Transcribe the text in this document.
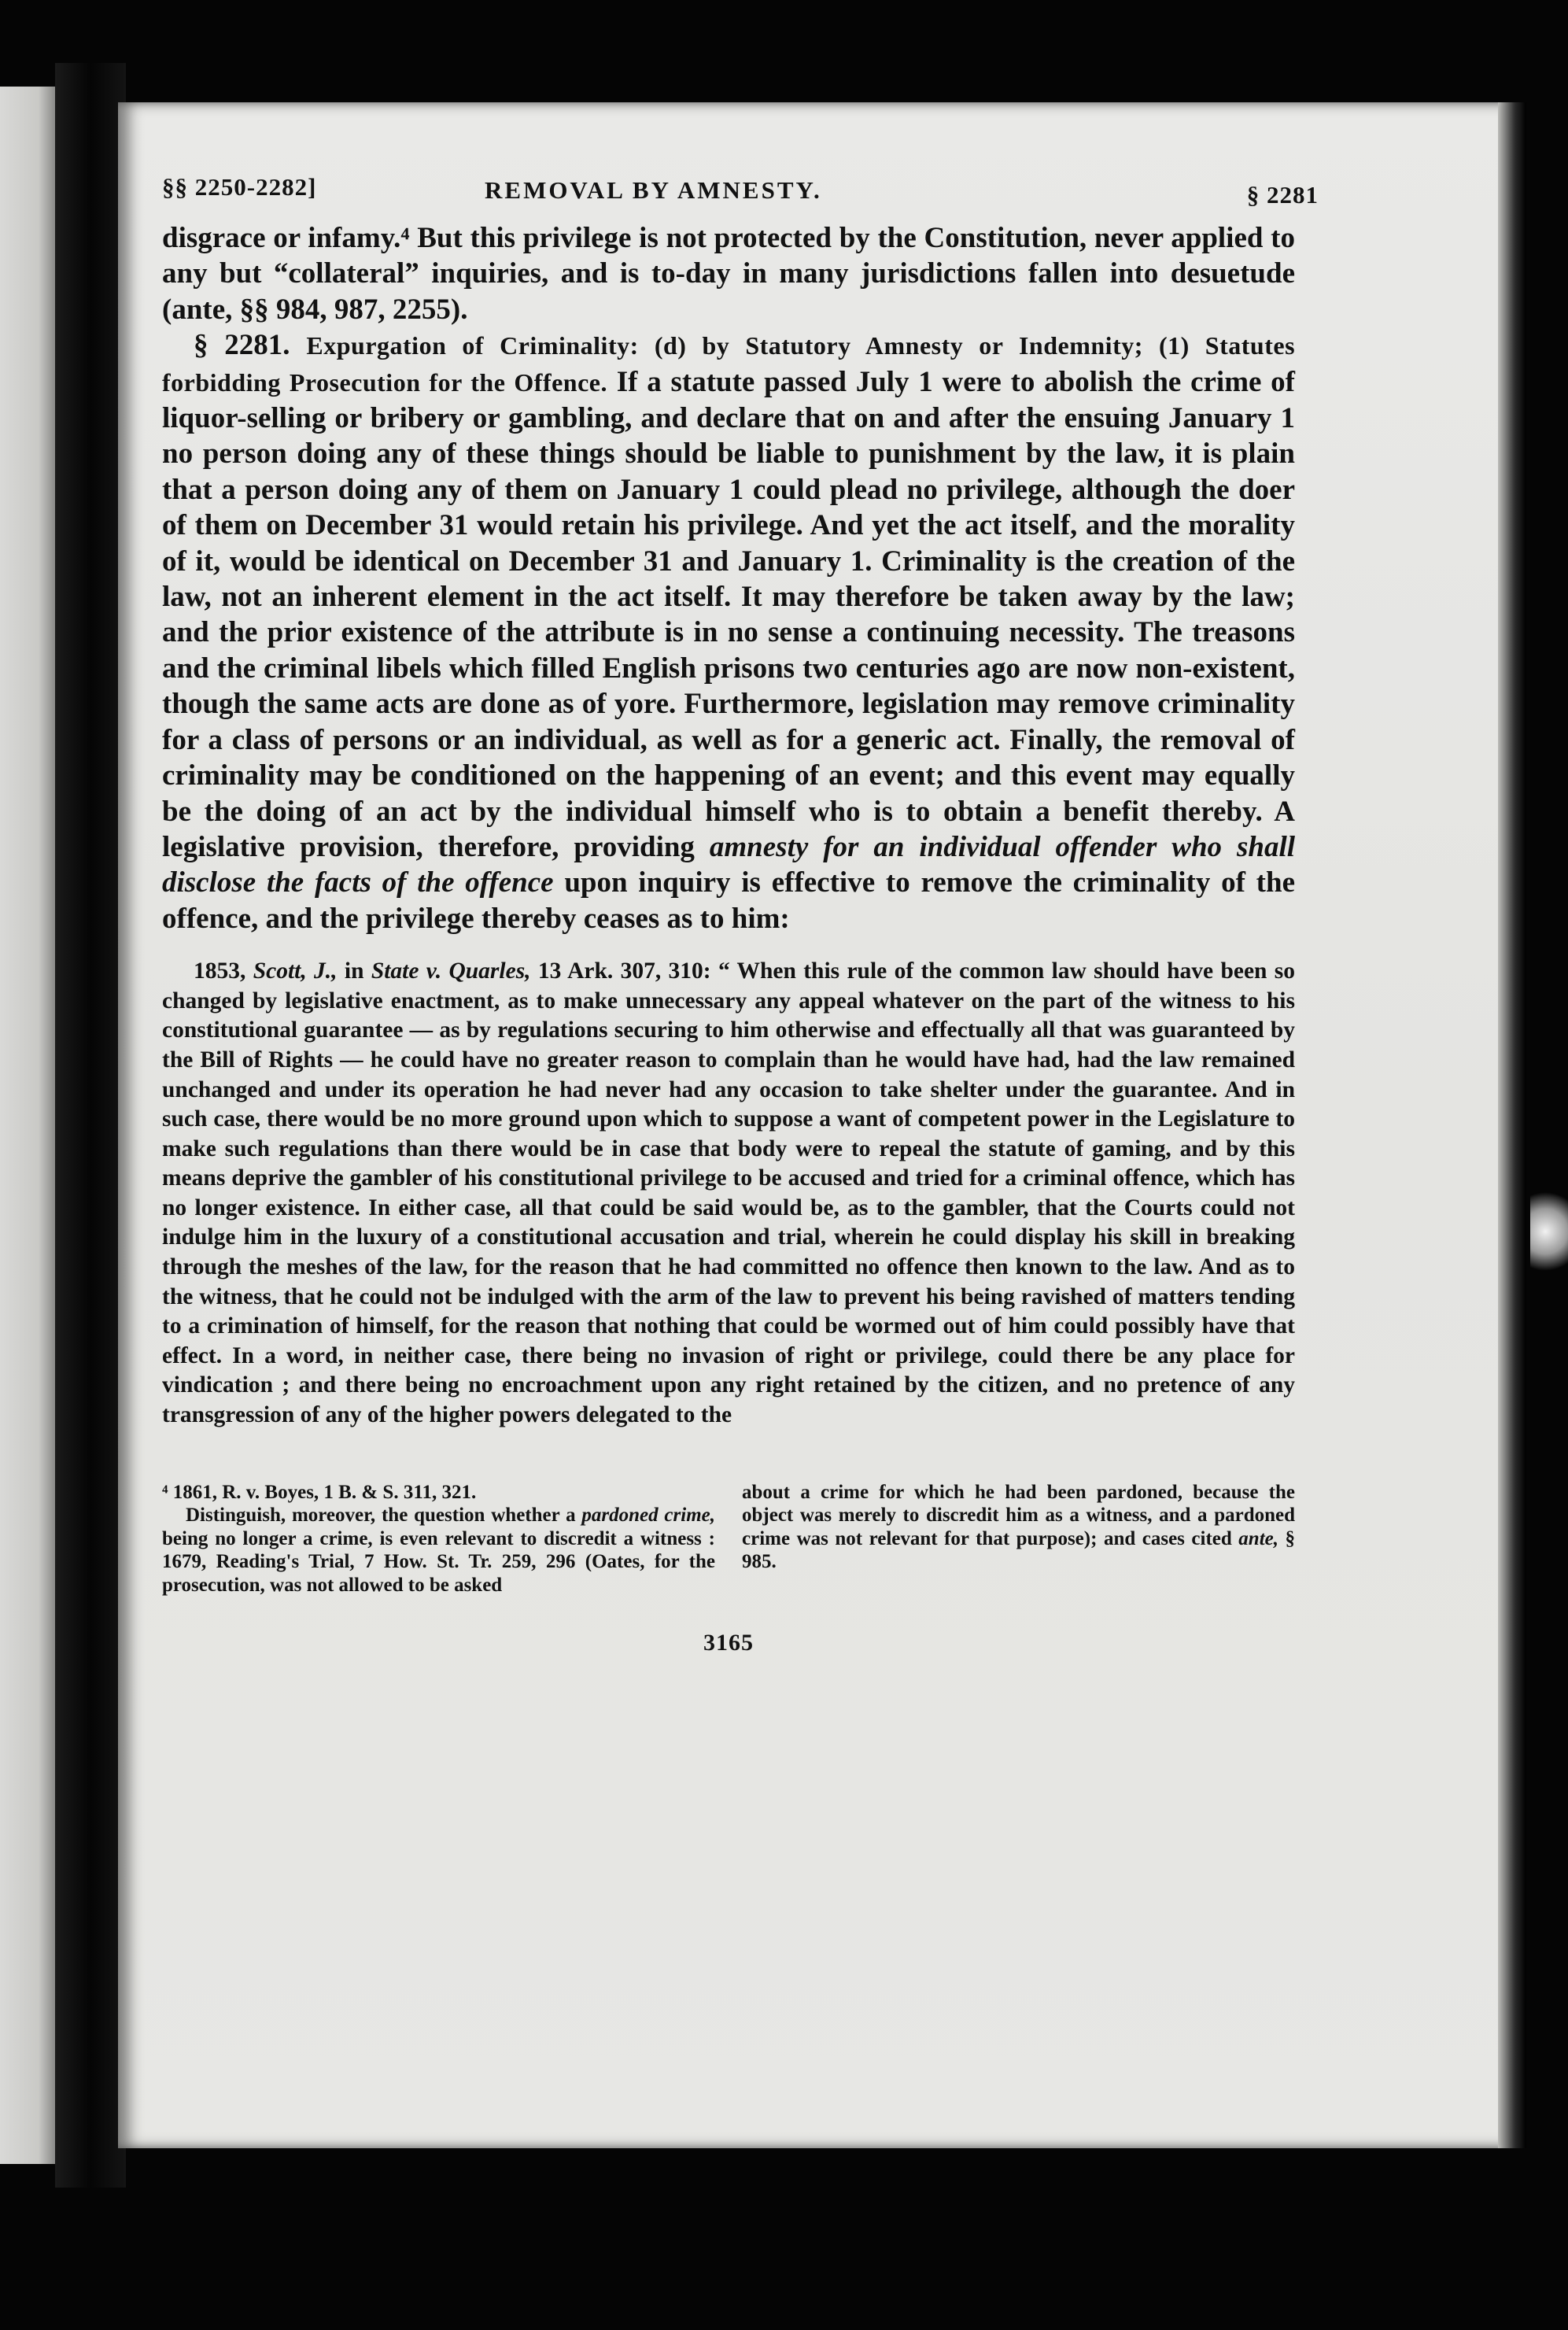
§§ 2250-2282]	REMOVAL BY AMNESTY.	§ 2281

disgrace or infamy.⁴ But this privilege is not protected by the Constitution, never applied to any but “collateral” inquiries, and is to-day in many jurisdictions fallen into desuetude (ante, §§ 984, 987, 2255).

§ 2281. Expurgation of Criminality: (d) by Statutory Amnesty or Indemnity; (1) Statutes forbidding Prosecution for the Offence. If a statute passed July 1 were to abolish the crime of liquor-selling or bribery or gambling, and declare that on and after the ensuing January 1 no person doing any of these things should be liable to punishment by the law, it is plain that a person doing any of them on January 1 could plead no privilege, although the doer of them on December 31 would retain his privilege. And yet the act itself, and the morality of it, would be identical on December 31 and January 1. Criminality is the creation of the law, not an inherent element in the act itself. It may therefore be taken away by the law; and the prior existence of the attribute is in no sense a continuing necessity. The treasons and the criminal libels which filled English prisons two centuries ago are now non-existent, though the same acts are done as of yore. Furthermore, legislation may remove criminality for a class of persons or an individual, as well as for a generic act. Finally, the removal of criminality may be conditioned on the happening of an event; and this event may equally be the doing of an act by the individual himself who is to obtain a benefit thereby. A legislative provision, therefore, providing amnesty for an individual offender who shall disclose the facts of the offence upon inquiry is effective to remove the criminality of the offence, and the privilege thereby ceases as to him:

1853, Scott, J., in State v. Quarles, 13 Ark. 307, 310: “ When this rule of the common law should have been so changed by legislative enactment, as to make unnecessary any appeal whatever on the part of the witness to his constitutional guarantee — as by regulations securing to him otherwise and effectually all that was guaranteed by the Bill of Rights — he could have no greater reason to complain than he would have had, had the law remained unchanged and under its operation he had never had any occasion to take shelter under the guarantee. And in such case, there would be no more ground upon which to suppose a want of competent power in the Legislature to make such regulations than there would be in case that body were to repeal the statute of gaming, and by this means deprive the gambler of his constitutional privilege to be accused and tried for a criminal offence, which has no longer existence. In either case, all that could be said would be, as to the gambler, that the Courts could not indulge him in the luxury of a constitutional accusation and trial, wherein he could display his skill in breaking through the meshes of the law, for the reason that he had committed no offence then known to the law. And as to the witness, that he could not be indulged with the arm of the law to prevent his being ravished of matters tending to a crimination of himself, for the reason that nothing that could be wormed out of him could possibly have that effect. In a word, in neither case, there being no invasion of right or privilege, could there be any place for vindication ; and there being no encroachment upon any right retained by the citizen, and no pretence of any transgression of any of the higher powers delegated to the

⁴ 1861, R. v. Boyes, 1 B. & S. 311, 321.

Distinguish, moreover, the question whether a pardoned crime, being no longer a crime, is even relevant to discredit a witness : 1679, Reading's Trial, 7 How. St. Tr. 259, 296 (Oates, for the prosecution, was not allowed to be asked

about a crime for which he had been pardoned, because the object was merely to discredit him as a witness, and a pardoned crime was not relevant for that purpose); and cases cited ante, § 985.

3165
